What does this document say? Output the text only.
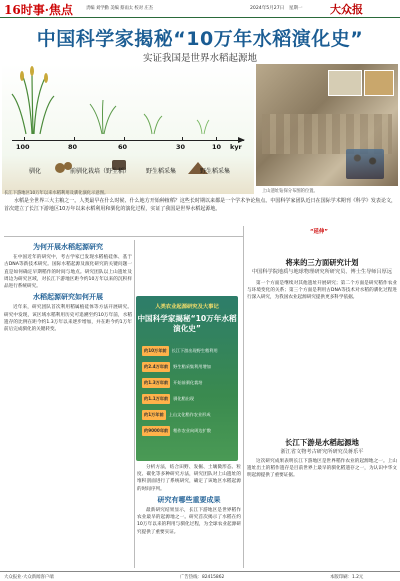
16时事·焦点	责编 刘学勤 美编 蔡雨太 校对 庄杰	2024年5月27日　星期一 大众报
中国科学家揭秘“10万年水稻演化史”
实证我国是世界水稻起源地
100	80	60	30	10 kyr
驯化	前驯化栽培（野生稻）	野生稻采集	野生稻采集
长江下游地区10万年以来水稻利用及驯化演化示意图。	上山遗址钻探分布图的位置。
水稻是全世界三大主粮之一。人类最早在什么时候、什么地方开始种植稻？这些长时期以来都是一个学术争论焦点。中国科学家团队近日在国际学术期刊《科学》发表论文，首次建立了长江下游地区10万年以来水稻利用和驯化的演化过程，实证了我国是世界水稻起源地。
为何开展水稻起源研究

在中国近年的研究中，考古学家已发现水稻植硅体、基于古DNA等新技术研究。国际水稻起源及演化研究的关键问题一直是如何确定早期稻作的时间与地点。研究团队以上山遗址及周边为研究区域，对长江下游地区距今约10万年以来的沉积样品进行系统研究。

水稻起源研究如何开展

近年来，研究团队首次利用稻属植硅体等方法开展研究。研究中发现，该区域水稻利用历史可追溯至约10万年前，水稻遗存的比例在距今约1.3万年以来逐步增加，并在距今约1万年前后完成驯化的关键转变。

人类农业起源研究及大事记
中国科学家揭秘“10万年水稻演化史”
约10万年前 长江下游出现野生稻利用
约2.4万年前 野生稻采集利用增加
约1.3万年前 开始前驯化栽培
约1.1万年前 驯化稻出现
约1万年前 上山文化稻作农业形成
约9000年前 稻作农业向周边扩散

分析方法，结合田野、发掘、土壤微形态、粒度、碳化等多种研究方法，研究团队对上山遗址的堆积剖面进行了系统研究，确定了该地区水稻起源的时间序列。

研究有哪些重要成果

最新研究结果显示，长江下游地区是世界稻作农业最早的起源地之一。研究首次揭示了水稻在约10万年以来的利用与驯化过程，为全球农业起源研究提供了重要实证。

“延伸”
将来的三方面研究计划
中国科学院地质与地球物理研究所研究员、博士生导师吕厚远

第一个方面是继续对其他遗址开展研究；第二个方面是研究稻作农业与环境变化的关系；第三个方面是利用古DNA等技术对水稻的驯化过程进行深入研究，为我国农业起源研究提供更多科学依据。

长江下游是水稻起源地
浙江省文物考古研究所研究员蒋乐平

这次研究成果表明长江下游地区是世界稻作农业的起源地之一。上山遗址出土的稻作遗存是目前世界上最早的驯化稻遗存之一，为认识中华文明起源提供了重要证据。

大众报业·大众新闻客户端	广告热线：82415862	本版印刷：1.2元
